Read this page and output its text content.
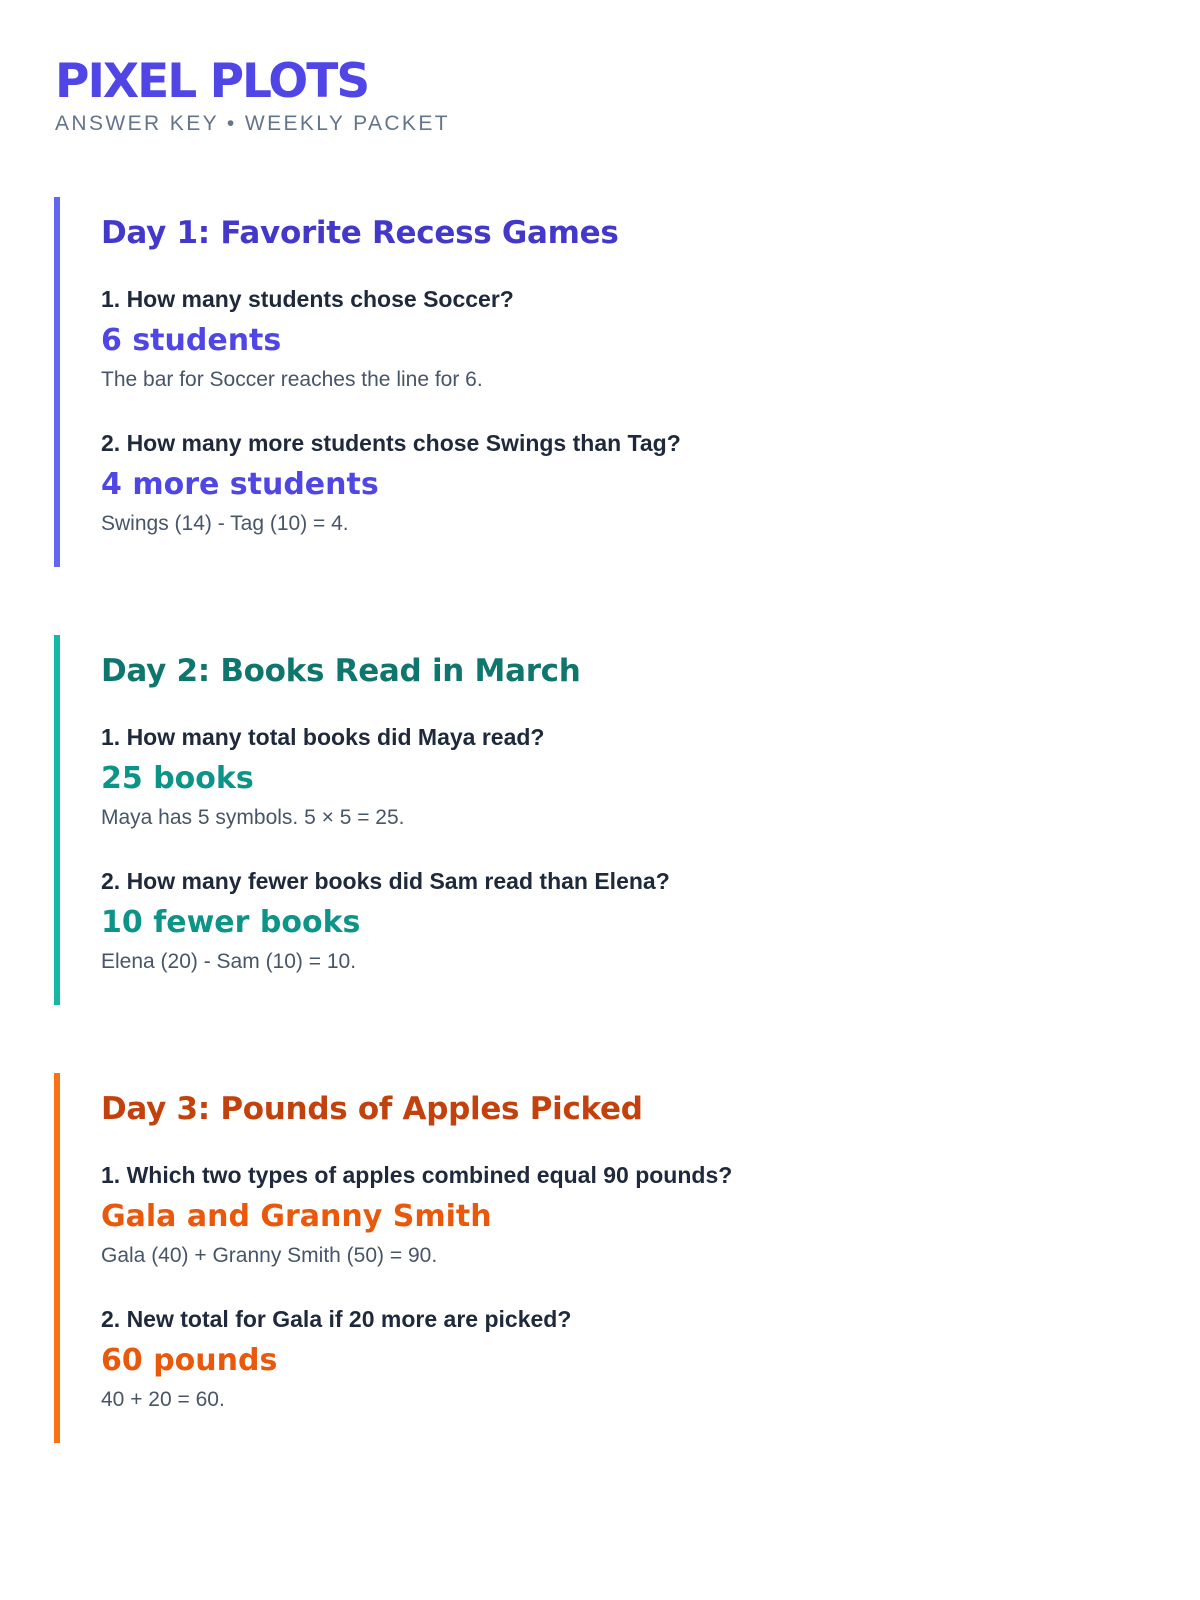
PIXEL PLOTS
ANSWER KEY • WEEKLY PACKET
Day 1: Favorite Recess Games

1. How many students chose Soccer?

6 students

The bar for Soccer reaches the line for 6.

2. How many more students chose Swings than Tag?

4 more students

Swings (14) - Tag (10) = 4.

Day 2: Books Read in March

1. How many total books did Maya read?

25 books

Maya has 5 symbols. 5 × 5 = 25.

2. How many fewer books did Sam read than Elena?

10 fewer books

Elena (20) - Sam (10) = 10.

Day 3: Pounds of Apples Picked

1. Which two types of apples combined equal 90 pounds?

Gala and Granny Smith

Gala (40) + Granny Smith (50) = 90.

2. New total for Gala if 20 more are picked?

60 pounds

40 + 20 = 60.
